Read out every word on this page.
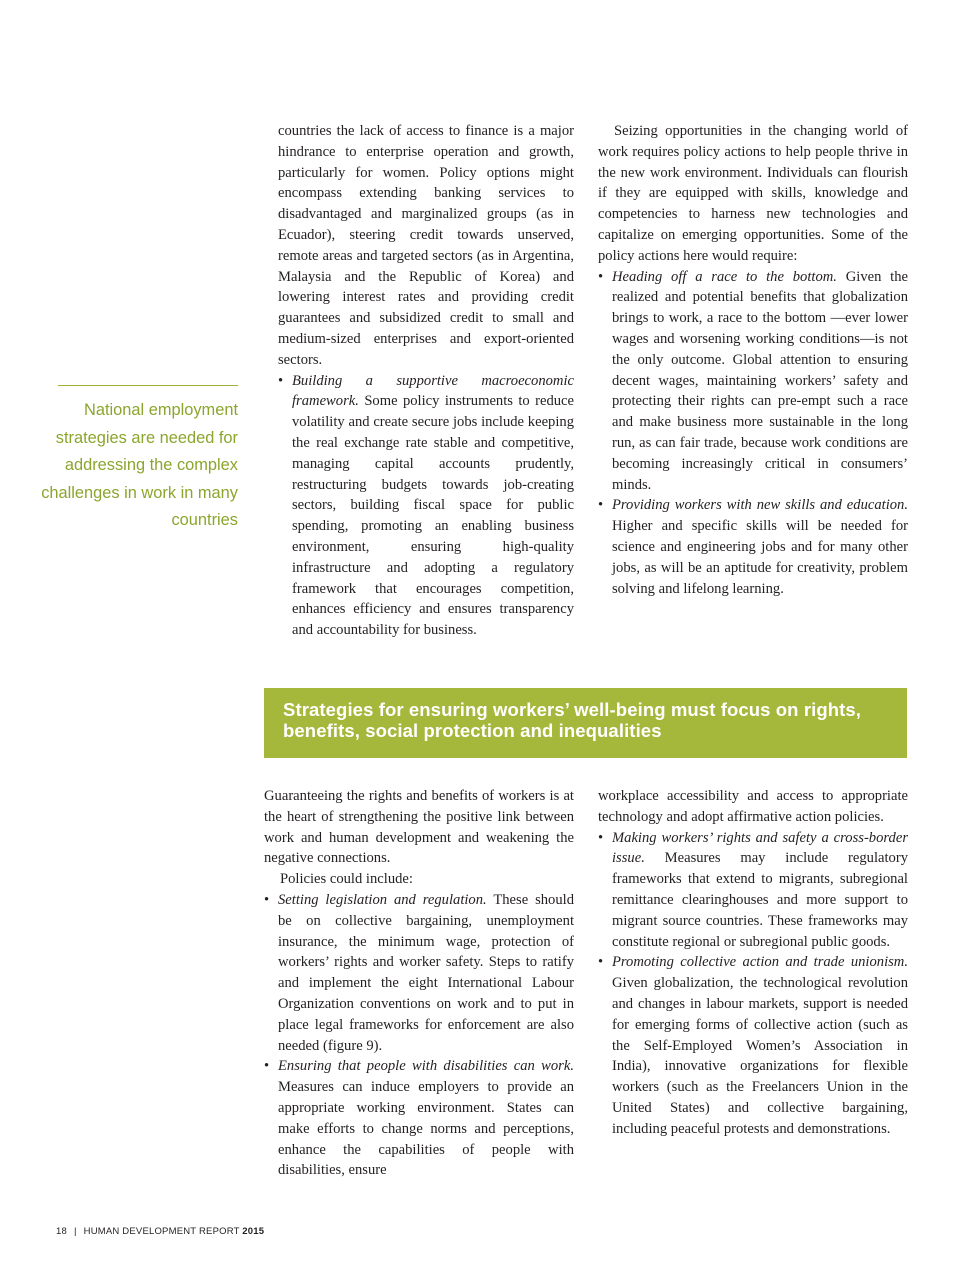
National employment strategies are needed for addressing the complex challenges in work in many countries

countries the lack of access to finance is a major hindrance to enterprise operation and growth, particularly for women. Policy options might encompass extending banking services to disadvantaged and marginalized groups (as in Ecuador), steering credit towards unserved, remote areas and targeted sectors (as in Argentina, Malaysia and the Republic of Korea) and lowering interest rates and providing credit guarantees and subsidized credit to small and medium-sized enterprises and export-oriented sectors.

• Building a supportive macroeconomic framework. Some policy instruments to reduce volatility and create secure jobs include keeping the real exchange rate stable and competitive, managing capital accounts prudently, restructuring budgets towards job-creating sectors, building fiscal space for public spending, promoting an enabling business environment, ensuring high-quality infrastructure and adopting a regulatory framework that encourages competition, enhances efficiency and ensures transparency and accountability for business.

Seizing opportunities in the changing world of work requires policy actions to help people thrive in the new work environment. Individuals can flourish if they are equipped with skills, knowledge and competencies to harness new technologies and capitalize on emerging opportunities. Some of the policy actions here would require:

• Heading off a race to the bottom. Given the realized and potential benefits that globalization brings to work, a race to the bottom —ever lower wages and worsening working conditions—is not the only outcome. Global attention to ensuring decent wages, maintaining workers’ safety and protecting their rights can pre-empt such a race and make business more sustainable in the long run, as can fair trade, because work conditions are becoming increasingly critical in consumers’ minds.
• Providing workers with new skills and education. Higher and specific skills will be needed for science and engineering jobs and for many other jobs, as will be an aptitude for creativity, problem solving and lifelong learning.
Strategies for ensuring workers’ well-being must focus on rights, benefits, social protection and inequalities

Guaranteeing the rights and benefits of workers is at the heart of strengthening the positive link between work and human development and weakening the negative connections.

Policies could include:

• Setting legislation and regulation. These should be on collective bargaining, unemployment insurance, the minimum wage, protection of workers’ rights and worker safety. Steps to ratify and implement the eight International Labour Organization conventions on work and to put in place legal frameworks for enforcement are also needed (figure 9).
• Ensuring that people with disabilities can work. Measures can induce employers to provide an appropriate working environment. States can make efforts to change norms and perceptions, enhance the capabilities of people with disabilities, ensure

workplace accessibility and access to appropriate technology and adopt affirmative action policies.

• Making workers’ rights and safety a cross-border issue. Measures may include regulatory frameworks that extend to migrants, subregional remittance clearinghouses and more support to migrant source countries. These frameworks may constitute regional or subregional public goods.
• Promoting collective action and trade unionism. Given globalization, the technological revolution and changes in labour markets, support is needed for emerging forms of collective action (such as the Self-Employed Women’s Association in India), innovative organizations for flexible workers (such as the Freelancers Union in the United States) and collective bargaining, including peaceful protests and demonstrations.
18 | HUMAN DEVELOPMENT REPORT 2015
